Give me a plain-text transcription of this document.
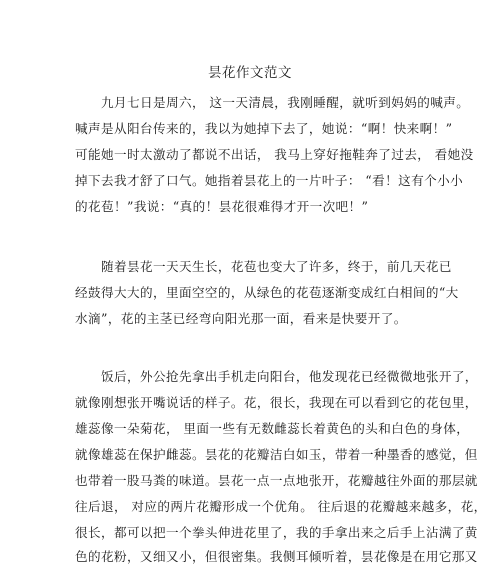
昙花作文范文
　　九月七日是周六， 这一天清晨，我刚睡醒，就听到妈妈的喊声。
喊声是从阳台传来的，我以为她掉下去了，她说：“啊！快来啊！”
可能她一时太激动了都说不出话， 我马上穿好拖鞋奔了过去， 看她没
掉下去我才舒了口气。她指着昙花上的一片叶子： “看！这有个小小
的花苞！”我说：“真的！昙花很难得才开一次吧！”
　　随着昙花一天天生长，花苞也变大了许多，终于，前几天花已
经鼓得大大的，里面空空的，从绿色的花苞逐渐变成红白相间的“大
水滴”，花的主茎已经弯向阳光那一面，看来是快要开了。
　　饭后，外公抢先拿出手机走向阳台，他发现花已经微微地张开了，
就像刚想张开嘴说话的样子。花，很长，我现在可以看到它的花包里，
雄蕊像一朵菊花， 里面一些有无数雌蕊长着黄色的头和白色的身体，
就像雄蕊在保护雌蕊。昙花的花瓣洁白如玉，带着一种墨香的感觉，但
也带着一股马粪的味道。昙花一点一点地张开，花瓣越往外面的那层就
往后退， 对应的两片花瓣形成一个优角。 往后退的花瓣越来越多，花，
很长，都可以把一个拳头伸进花里了，我的手拿出来之后手上沾满了黄
色的花粉，又细又小，但很密集。我侧耳倾听着，昙花像是在用它那又
